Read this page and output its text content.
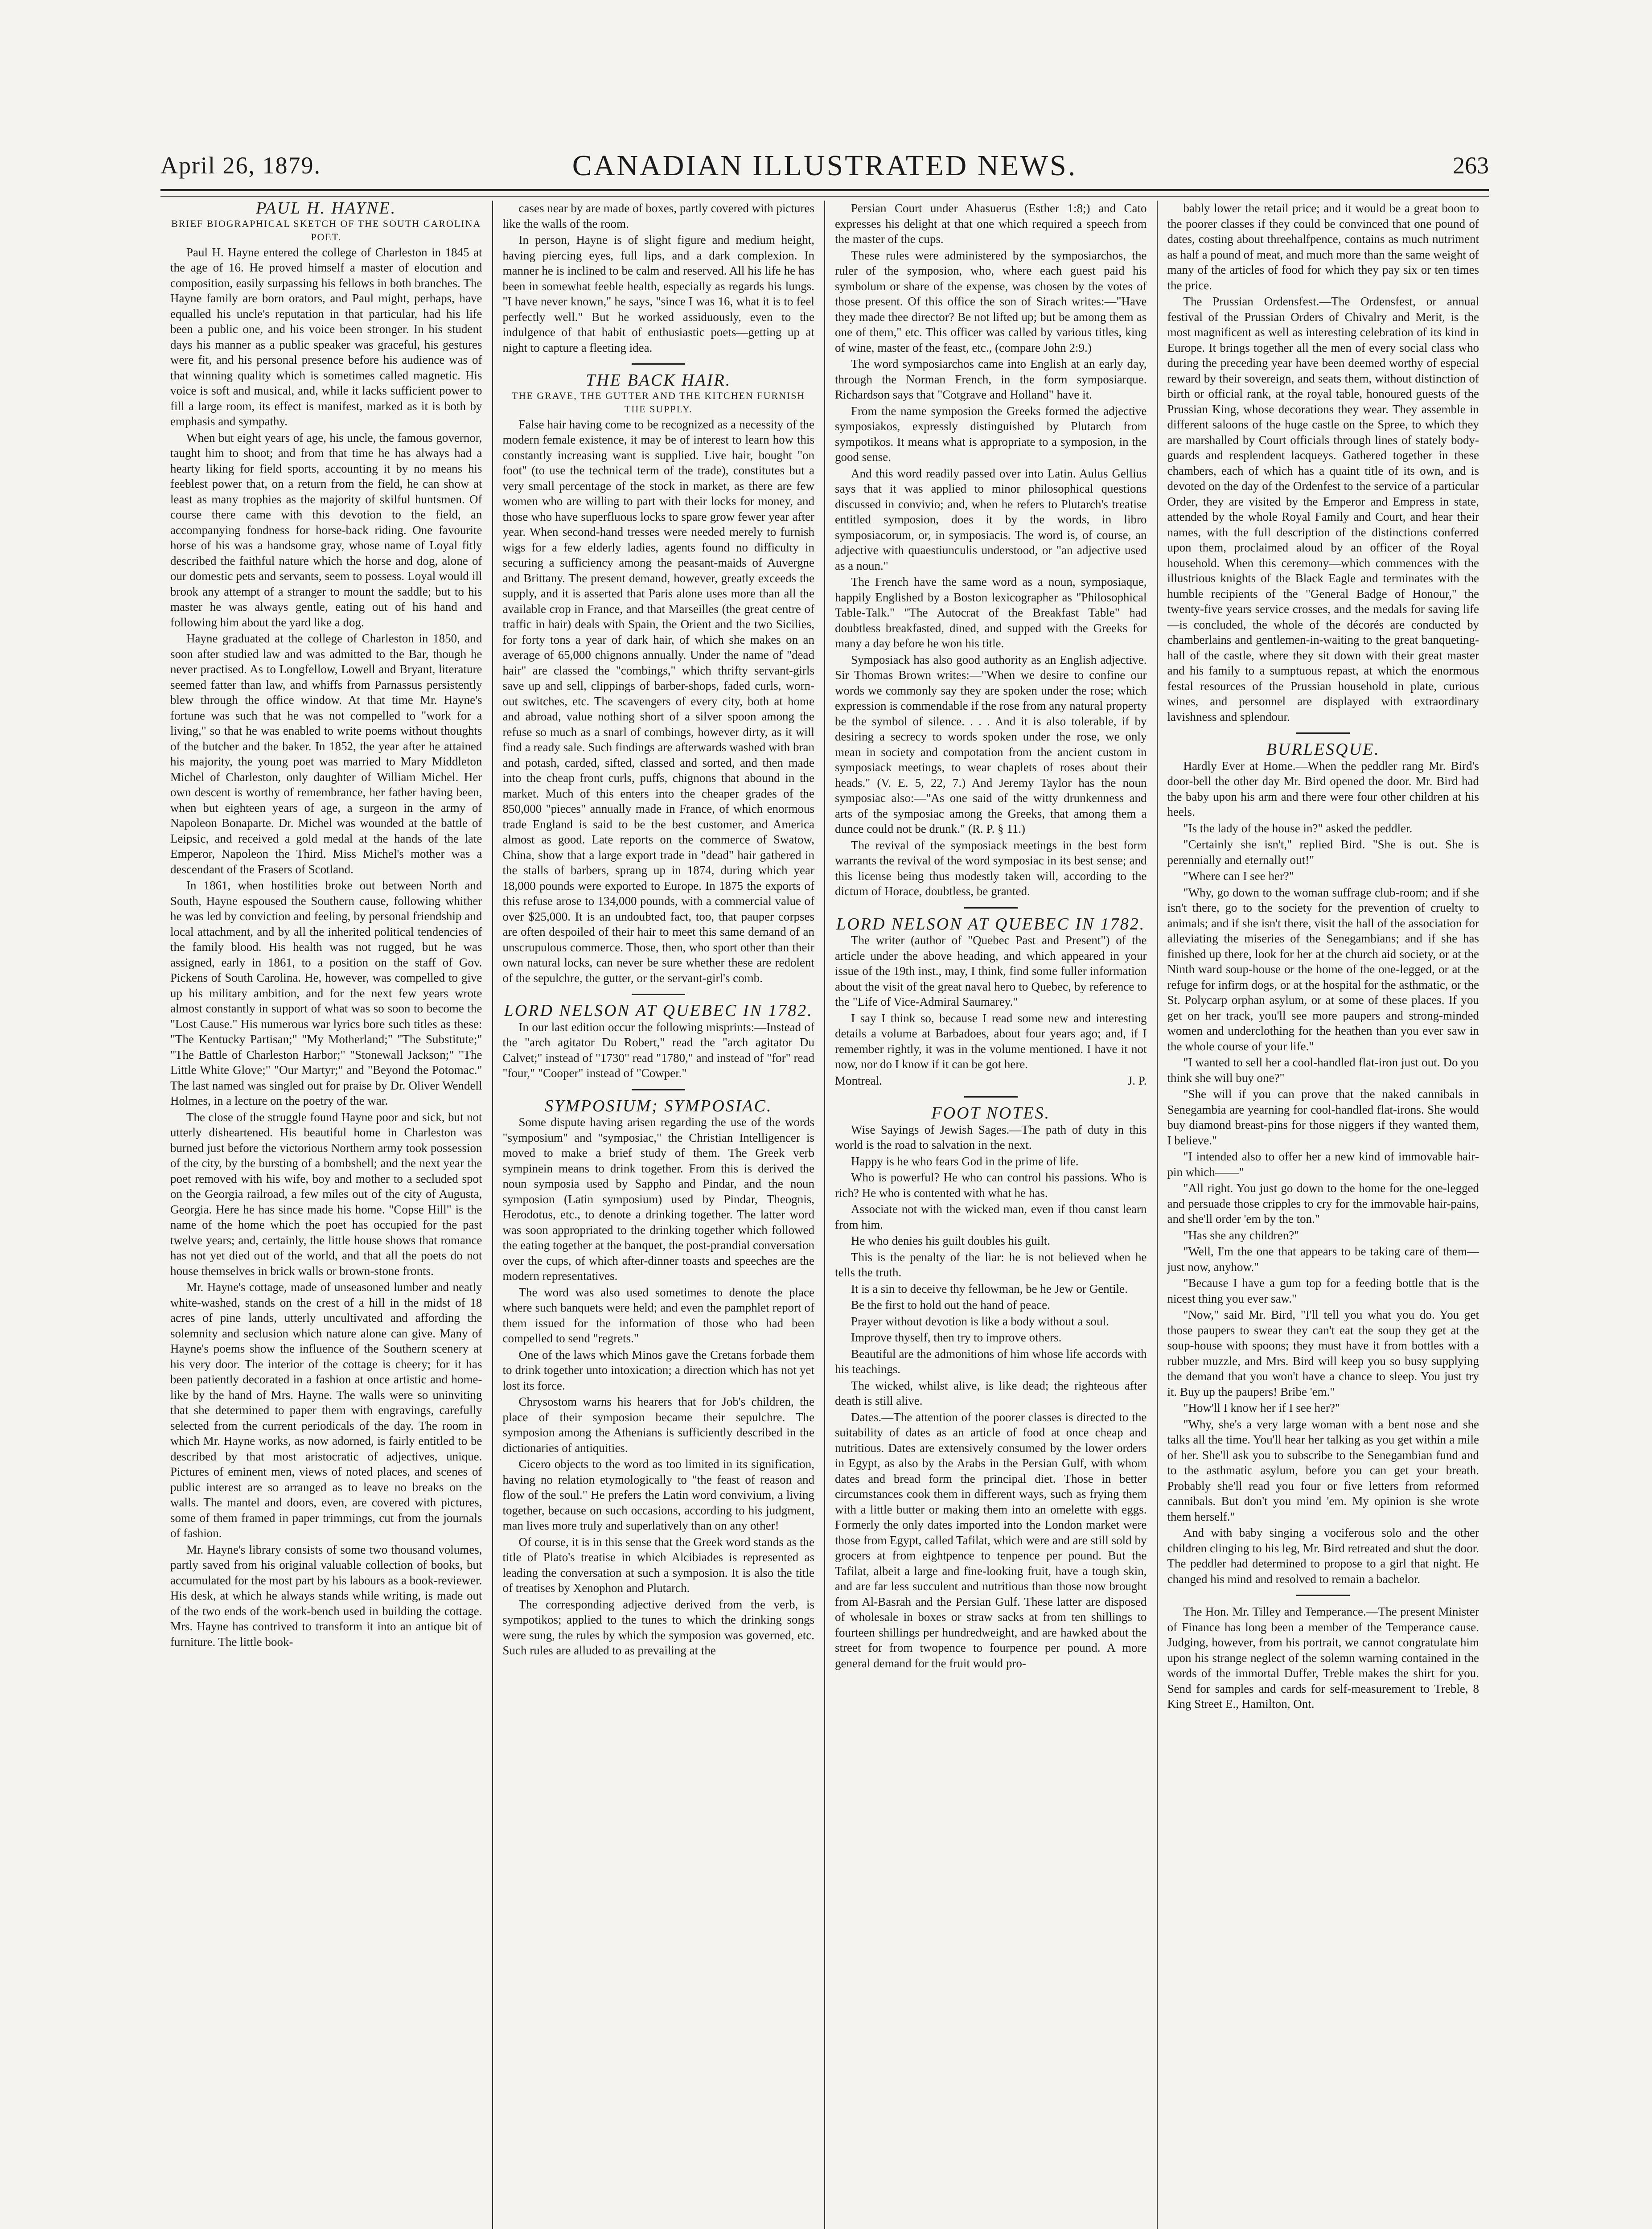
April 26, 1879.	CANADIAN ILLUSTRATED NEWS.	263

PAUL H. HAYNE.

BRIEF BIOGRAPHICAL SKETCH OF THE SOUTH CAROLINA POET.

Paul H. Hayne entered the college of Charleston in 1845 at the age of 16. He proved himself a master of elocution and composition, easily surpassing his fellows in both branches. The Hayne family are born orators, and Paul might, perhaps, have equalled his uncle's reputation in that particular, had his life been a public one, and his voice been stronger. In his student days his manner as a public speaker was graceful, his gestures were fit, and his personal presence before his audience was of that winning quality which is sometimes called magnetic. His voice is soft and musical, and, while it lacks sufficient power to fill a large room, its effect is manifest, marked as it is both by emphasis and sympathy.

When but eight years of age, his uncle, the famous governor, taught him to shoot; and from that time he has always had a hearty liking for field sports, accounting it by no means his feeblest power that, on a return from the field, he can show at least as many trophies as the majority of skilful huntsmen. Of course there came with this devotion to the field, an accompanying fondness for horse-back riding. One favourite horse of his was a handsome gray, whose name of Loyal fitly described the faithful nature which the horse and dog, alone of our domestic pets and servants, seem to possess. Loyal would ill brook any attempt of a stranger to mount the saddle; but to his master he was always gentle, eating out of his hand and following him about the yard like a dog.

Hayne graduated at the college of Charleston in 1850, and soon after studied law and was admitted to the Bar, though he never practised. As to Longfellow, Lowell and Bryant, literature seemed fatter than law, and whiffs from Parnassus persistently blew through the office window. At that time Mr. Hayne's fortune was such that he was not compelled to "work for a living," so that he was enabled to write poems without thoughts of the butcher and the baker. In 1852, the year after he attained his majority, the young poet was married to Mary Middleton Michel of Charleston, only daughter of William Michel. Her own descent is worthy of remembrance, her father having been, when but eighteen years of age, a surgeon in the army of Napoleon Bonaparte. Dr. Michel was wounded at the battle of Leipsic, and received a gold medal at the hands of the late Emperor, Napoleon the Third. Miss Michel's mother was a descendant of the Frasers of Scotland.

In 1861, when hostilities broke out between North and South, Hayne espoused the Southern cause, following whither he was led by conviction and feeling, by personal friendship and local attachment, and by all the inherited political tendencies of the family blood. His health was not rugged, but he was assigned, early in 1861, to a position on the staff of Gov. Pickens of South Carolina. He, however, was compelled to give up his military ambition, and for the next few years wrote almost constantly in support of what was so soon to become the "Lost Cause." His numerous war lyrics bore such titles as these: "The Kentucky Partisan;" "My Motherland;" "The Substitute;" "The Battle of Charleston Harbor;" "Stonewall Jackson;" "The Little White Glove;" "Our Martyr;" and "Beyond the Potomac." The last named was singled out for praise by Dr. Oliver Wendell Holmes, in a lecture on the poetry of the war.

The close of the struggle found Hayne poor and sick, but not utterly disheartened. His beautiful home in Charleston was burned just before the victorious Northern army took possession of the city, by the bursting of a bombshell; and the next year the poet removed with his wife, boy and mother to a secluded spot on the Georgia railroad, a few miles out of the city of Augusta, Georgia. Here he has since made his home. "Copse Hill" is the name of the home which the poet has occupied for the past twelve years; and, certainly, the little house shows that romance has not yet died out of the world, and that all the poets do not house themselves in brick walls or brown-stone fronts.

Mr. Hayne's cottage, made of unseasoned lumber and neatly white-washed, stands on the crest of a hill in the midst of 18 acres of pine lands, utterly uncultivated and affording the solemnity and seclusion which nature alone can give. Many of Hayne's poems show the influence of the Southern scenery at his very door. The interior of the cottage is cheery; for it has been patiently decorated in a fashion at once artistic and home-like by the hand of Mrs. Hayne. The walls were so uninviting that she determined to paper them with engravings, carefully selected from the current periodicals of the day. The room in which Mr. Hayne works, as now adorned, is fairly entitled to be described by that most aristocratic of adjectives, unique. Pictures of eminent men, views of noted places, and scenes of public interest are so arranged as to leave no breaks on the walls. The mantel and doors, even, are covered with pictures, some of them framed in paper trimmings, cut from the journals of fashion.

Mr. Hayne's library consists of some two thousand volumes, partly saved from his original valuable collection of books, but accumulated for the most part by his labours as a book-reviewer. His desk, at which he always stands while writing, is made out of the two ends of the work-bench used in building the cottage. Mrs. Hayne has contrived to transform it into an antique bit of furniture. The little book-

cases near by are made of boxes, partly covered with pictures like the walls of the room.

In person, Hayne is of slight figure and medium height, having piercing eyes, full lips, and a dark complexion. In manner he is inclined to be calm and reserved. All his life he has been in somewhat feeble health, especially as regards his lungs. "I have never known," he says, "since I was 16, what it is to feel perfectly well." But he worked assiduously, even to the indulgence of that habit of enthusiastic poets—getting up at night to capture a fleeting idea.

THE BACK HAIR.

THE GRAVE, THE GUTTER AND THE KITCHEN FURNISH THE SUPPLY.

False hair having come to be recognized as a necessity of the modern female existence, it may be of interest to learn how this constantly increasing want is supplied. Live hair, bought "on foot" (to use the technical term of the trade), constitutes but a very small percentage of the stock in market, as there are few women who are willing to part with their locks for money, and those who have superfluous locks to spare grow fewer year after year. When second-hand tresses were needed merely to furnish wigs for a few elderly ladies, agents found no difficulty in securing a sufficiency among the peasant-maids of Auvergne and Brittany. The present demand, however, greatly exceeds the supply, and it is asserted that Paris alone uses more than all the available crop in France, and that Marseilles (the great centre of traffic in hair) deals with Spain, the Orient and the two Sicilies, for forty tons a year of dark hair, of which she makes on an average of 65,000 chignons annually. Under the name of "dead hair" are classed the "combings," which thrifty servant-girls save up and sell, clippings of barber-shops, faded curls, worn-out switches, etc. The scavengers of every city, both at home and abroad, value nothing short of a silver spoon among the refuse so much as a snarl of combings, however dirty, as it will find a ready sale. Such findings are afterwards washed with bran and potash, carded, sifted, classed and sorted, and then made into the cheap front curls, puffs, chignons that abound in the market. Much of this enters into the cheaper grades of the 850,000 "pieces" annually made in France, of which enormous trade England is said to be the best customer, and America almost as good. Late reports on the commerce of Swatow, China, show that a large export trade in "dead" hair gathered in the stalls of barbers, sprang up in 1874, during which year 18,000 pounds were exported to Europe. In 1875 the exports of this refuse arose to 134,000 pounds, with a commercial value of over $25,000. It is an undoubted fact, too, that pauper corpses are often despoiled of their hair to meet this same demand of an unscrupulous commerce. Those, then, who sport other than their own natural locks, can never be sure whether these are redolent of the sepulchre, the gutter, or the servant-girl's comb.

LORD NELSON AT QUEBEC IN 1782.

In our last edition occur the following misprints:—Instead of the "arch agitator Du Robert," read the "arch agitator Du Calvet;" instead of "1730" read "1780," and instead of "for" read "four," "Cooper" instead of "Cowper."

SYMPOSIUM; SYMPOSIAC.

Some dispute having arisen regarding the use of the words "symposium" and "symposiac," the Christian Intelligencer is moved to make a brief study of them. The Greek verb sympinein means to drink together. From this is derived the noun symposia used by Sappho and Pindar, and the noun symposion (Latin symposium) used by Pindar, Theognis, Herodotus, etc., to denote a drinking together. The latter word was soon appropriated to the drinking together which followed the eating together at the banquet, the post-prandial conversation over the cups, of which after-dinner toasts and speeches are the modern representatives.

The word was also used sometimes to denote the place where such banquets were held; and even the pamphlet report of them issued for the information of those who had been compelled to send "regrets."

One of the laws which Minos gave the Cretans forbade them to drink together unto intoxication; a direction which has not yet lost its force.

Chrysostom warns his hearers that for Job's children, the place of their symposion became their sepulchre. The symposion among the Athenians is sufficiently described in the dictionaries of antiquities.

Cicero objects to the word as too limited in its signification, having no relation etymologically to "the feast of reason and flow of the soul." He prefers the Latin word convivium, a living together, because on such occasions, according to his judgment, man lives more truly and superlatively than on any other!

Of course, it is in this sense that the Greek word stands as the title of Plato's treatise in which Alcibiades is represented as leading the conversation at such a symposion. It is also the title of treatises by Xenophon and Plutarch.

The corresponding adjective derived from the verb, is sympotikos; applied to the tunes to which the drinking songs were sung, the rules by which the symposion was governed, etc. Such rules are alluded to as prevailing at the

Persian Court under Ahasuerus (Esther 1:8;) and Cato expresses his delight at that one which required a speech from the master of the cups.

These rules were administered by the symposiarchos, the ruler of the symposion, who, where each guest paid his symbolum or share of the expense, was chosen by the votes of those present. Of this office the son of Sirach writes:—"Have they made thee director? Be not lifted up; but be among them as one of them," etc. This officer was called by various titles, king of wine, master of the feast, etc., (compare John 2:9.)

The word symposiarchos came into English at an early day, through the Norman French, in the form symposiarque. Richardson says that "Cotgrave and Holland" have it.

From the name symposion the Greeks formed the adjective symposiakos, expressly distinguished by Plutarch from sympotikos. It means what is appropriate to a symposion, in the good sense.

And this word readily passed over into Latin. Aulus Gellius says that it was applied to minor philosophical questions discussed in convivio; and, when he refers to Plutarch's treatise entitled symposion, does it by the words, in libro symposiacorum, or, in symposiacis. The word is, of course, an adjective with quaestiunculis understood, or "an adjective used as a noun."

The French have the same word as a noun, symposiaque, happily Englished by a Boston lexicographer as "Philosophical Table-Talk." "The Autocrat of the Breakfast Table" had doubtless breakfasted, dined, and supped with the Greeks for many a day before he won his title.

Symposiack has also good authority as an English adjective. Sir Thomas Brown writes:—"When we desire to confine our words we commonly say they are spoken under the rose; which expression is commendable if the rose from any natural property be the symbol of silence. . . . And it is also tolerable, if by desiring a secrecy to words spoken under the rose, we only mean in society and compotation from the ancient custom in symposiack meetings, to wear chaplets of roses about their heads." (V. E. 5, 22, 7.) And Jeremy Taylor has the noun symposiac also:—"As one said of the witty drunkenness and arts of the symposiac among the Greeks, that among them a dunce could not be drunk." (R. P. § 11.)

The revival of the symposiack meetings in the best form warrants the revival of the word symposiac in its best sense; and this license being thus modestly taken will, according to the dictum of Horace, doubtless, be granted.

LORD NELSON AT QUEBEC IN 1782.

The writer (author of "Quebec Past and Present") of the article under the above heading, and which appeared in your issue of the 19th inst., may, I think, find some fuller information about the visit of the great naval hero to Quebec, by reference to the "Life of Vice-Admiral Saumarey."

I say I think so, because I read some new and interesting details a volume at Barbadoes, about four years ago; and, if I remember rightly, it was in the volume mentioned. I have it not now, nor do I know if it can be got here.

Montreal.	J. P.

FOOT NOTES.

Wise Sayings of Jewish Sages.—The path of duty in this world is the road to salvation in the next.

Happy is he who fears God in the prime of life.

Who is powerful? He who can control his passions. Who is rich? He who is contented with what he has.

Associate not with the wicked man, even if thou canst learn from him.

He who denies his guilt doubles his guilt.

This is the penalty of the liar: he is not believed when he tells the truth.

It is a sin to deceive thy fellowman, be he Jew or Gentile.

Be the first to hold out the hand of peace.

Prayer without devotion is like a body without a soul.

Improve thyself, then try to improve others.

Beautiful are the admonitions of him whose life accords with his teachings.

The wicked, whilst alive, is like dead; the righteous after death is still alive.

Dates.—The attention of the poorer classes is directed to the suitability of dates as an article of food at once cheap and nutritious. Dates are extensively consumed by the lower orders in Egypt, as also by the Arabs in the Persian Gulf, with whom dates and bread form the principal diet. Those in better circumstances cook them in different ways, such as frying them with a little butter or making them into an omelette with eggs. Formerly the only dates imported into the London market were those from Egypt, called Tafilat, which were and are still sold by grocers at from eightpence to tenpence per pound. But the Tafilat, albeit a large and fine-looking fruit, have a tough skin, and are far less succulent and nutritious than those now brought from Al-Basrah and the Persian Gulf. These latter are disposed of wholesale in boxes or straw sacks at from ten shillings to fourteen shillings per hundredweight, and are hawked about the street for from twopence to fourpence per pound. A more general demand for the fruit would pro-

bably lower the retail price; and it would be a great boon to the poorer classes if they could be convinced that one pound of dates, costing about threehalfpence, contains as much nutriment as half a pound of meat, and much more than the same weight of many of the articles of food for which they pay six or ten times the price.

The Prussian Ordensfest.—The Ordensfest, or annual festival of the Prussian Orders of Chivalry and Merit, is the most magnificent as well as interesting celebration of its kind in Europe. It brings together all the men of every social class who during the preceding year have been deemed worthy of especial reward by their sovereign, and seats them, without distinction of birth or official rank, at the royal table, honoured guests of the Prussian King, whose decorations they wear. They assemble in different saloons of the huge castle on the Spree, to which they are marshalled by Court officials through lines of stately body-guards and resplendent lacqueys. Gathered together in these chambers, each of which has a quaint title of its own, and is devoted on the day of the Ordenfest to the service of a particular Order, they are visited by the Emperor and Empress in state, attended by the whole Royal Family and Court, and hear their names, with the full description of the distinctions conferred upon them, proclaimed aloud by an officer of the Royal household. When this ceremony—which commences with the illustrious knights of the Black Eagle and terminates with the humble recipients of the "General Badge of Honour," the twenty-five years service crosses, and the medals for saving life—is concluded, the whole of the décorés are conducted by chamberlains and gentlemen-in-waiting to the great banqueting-hall of the castle, where they sit down with their great master and his family to a sumptuous repast, at which the enormous festal resources of the Prussian household in plate, curious wines, and personnel are displayed with extraordinary lavishness and splendour.

BURLESQUE.

Hardly Ever at Home.—When the peddler rang Mr. Bird's door-bell the other day Mr. Bird opened the door. Mr. Bird had the baby upon his arm and there were four other children at his heels.

"Is the lady of the house in?" asked the peddler.

"Certainly she isn't," replied Bird. "She is out. She is perennially and eternally out!"

"Where can I see her?"

"Why, go down to the woman suffrage club-room; and if she isn't there, go to the society for the prevention of cruelty to animals; and if she isn't there, visit the hall of the association for alleviating the miseries of the Senegambians; and if she has finished up there, look for her at the church aid society, or at the Ninth ward soup-house or the home of the one-legged, or at the refuge for infirm dogs, or at the hospital for the asthmatic, or the St. Polycarp orphan asylum, or at some of these places. If you get on her track, you'll see more paupers and strong-minded women and underclothing for the heathen than you ever saw in the whole course of your life."

"I wanted to sell her a cool-handled flat-iron just out. Do you think she will buy one?"

"She will if you can prove that the naked cannibals in Senegambia are yearning for cool-handled flat-irons. She would buy diamond breast-pins for those niggers if they wanted them, I believe."

"I intended also to offer her a new kind of immovable hair-pin which——"

"All right. You just go down to the home for the one-legged and persuade those cripples to cry for the immovable hair-pains, and she'll order 'em by the ton."

"Has she any children?"

"Well, I'm the one that appears to be taking care of them—just now, anyhow."

"Because I have a gum top for a feeding bottle that is the nicest thing you ever saw."

"Now," said Mr. Bird, "I'll tell you what you do. You get those paupers to swear they can't eat the soup they get at the soup-house with spoons; they must have it from bottles with a rubber muzzle, and Mrs. Bird will keep you so busy supplying the demand that you won't have a chance to sleep. You just try it. Buy up the paupers! Bribe 'em."

"How'll I know her if I see her?"

"Why, she's a very large woman with a bent nose and she talks all the time. You'll hear her talking as you get within a mile of her. She'll ask you to subscribe to the Senegambian fund and to the asthmatic asylum, before you can get your breath. Probably she'll read you four or five letters from reformed cannibals. But don't you mind 'em. My opinion is she wrote them herself."

And with baby singing a vociferous solo and the other children clinging to his leg, Mr. Bird retreated and shut the door. The peddler had determined to propose to a girl that night. He changed his mind and resolved to remain a bachelor.

The Hon. Mr. Tilley and Temperance.—The present Minister of Finance has long been a member of the Temperance cause. Judging, however, from his portrait, we cannot congratulate him upon his strange neglect of the solemn warning contained in the words of the immortal Duffer, Treble makes the shirt for you. Send for samples and cards for self-measurement to Treble, 8 King Street E., Hamilton, Ont.
